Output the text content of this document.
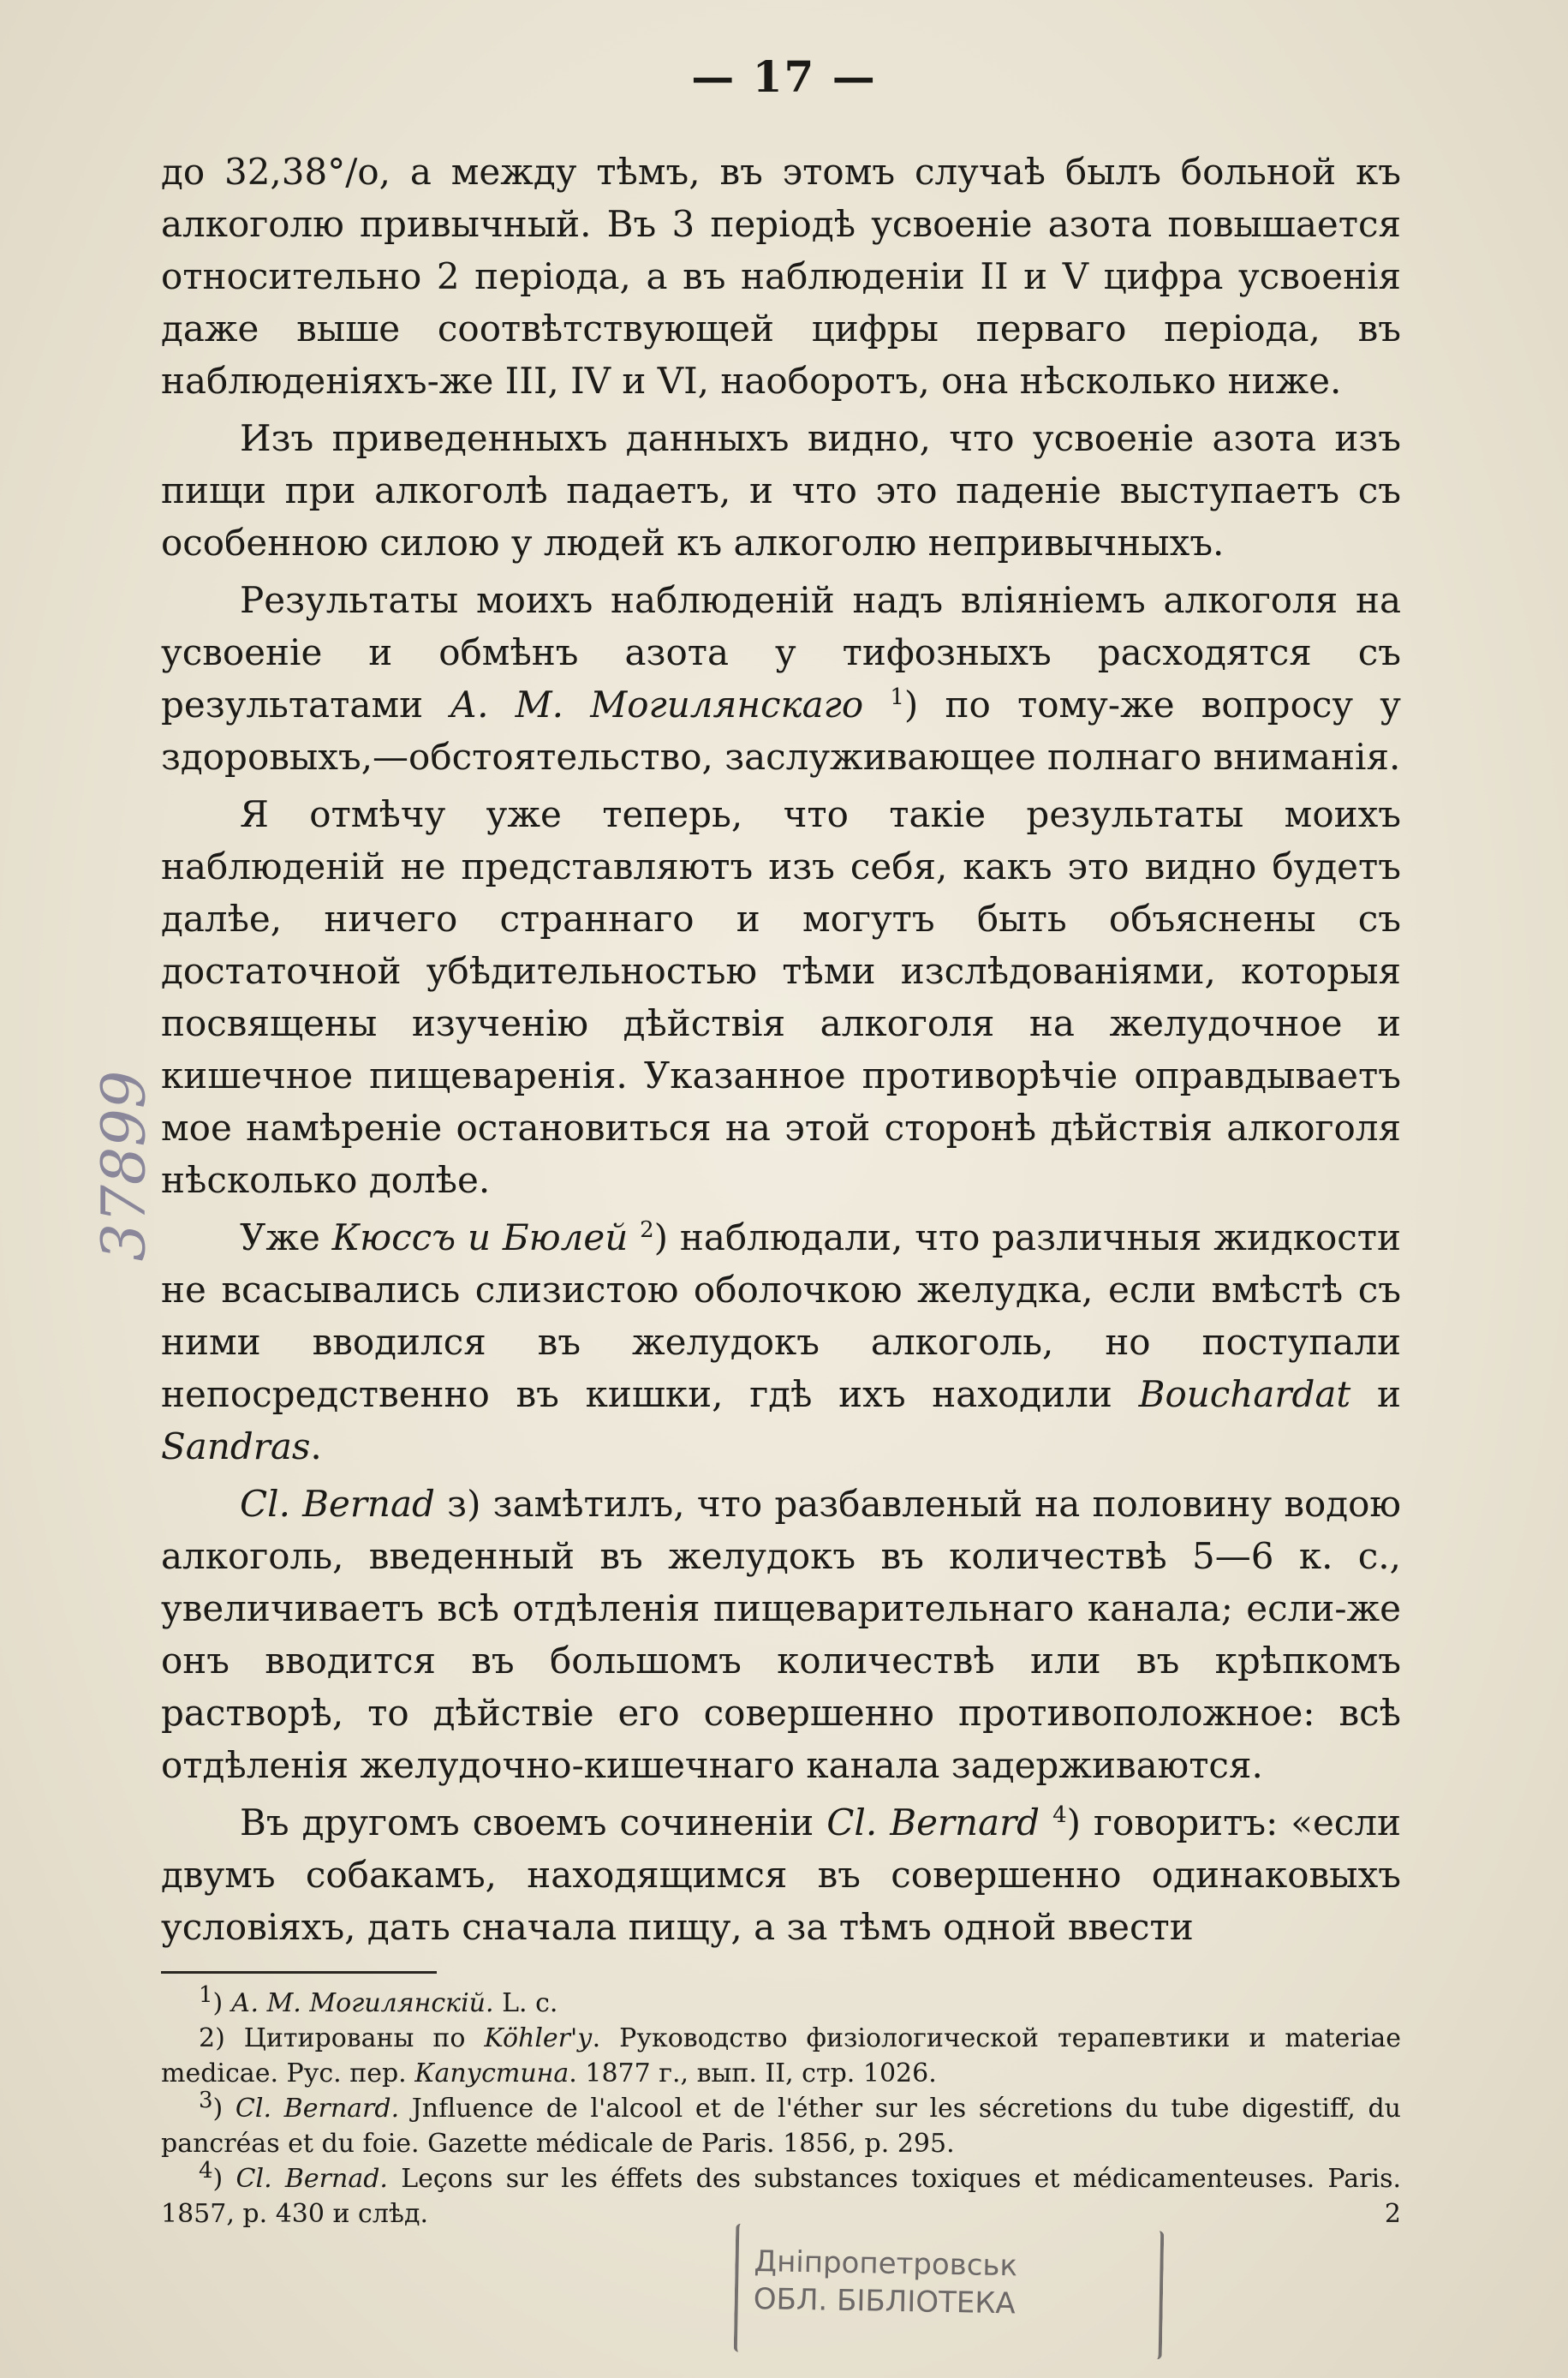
— 17 —
37899

до 32,38°/о, а между тѣмъ, въ этомъ случаѣ былъ больной къ алкоголю привычный. Въ 3 періодѣ усвоеніе азота повышается относительно 2 періода, а въ наблюденіи II и V цифра усвоенія даже выше соотвѣтствующей цифры перваго періода, въ наблюденіяхъ-же III, IV и VI, наоборотъ, она нѣсколько ниже.

Изъ приведенныхъ данныхъ видно, что усвоеніе азота изъ пищи при алкоголѣ падаетъ, и что это паденіе выступаетъ съ особенною силою у людей къ алкоголю непривычныхъ.

Результаты моихъ наблюденій надъ вліяніемъ алкоголя на усвоеніе и обмѣнъ азота у тифозныхъ расходятся съ результатами А. М. Могилянскаго $^1$) по тому-же вопросу у здоровыхъ,—обстоятельство, заслуживающее полнаго вниманія.

Я отмѣчу уже теперь, что такіе результаты моихъ наблюденій не представляютъ изъ себя, какъ это видно будетъ далѣе, ничего страннаго и могутъ быть объяснены съ достаточной убѣдительностью тѣми изслѣдованіями, которыя посвящены изученію дѣйствія алкоголя на желудочное и кишечное пищеваренія. Указанное противорѣчіе оправдываетъ мое намѣреніе остановиться на этой сторонѣ дѣйствія алкоголя нѣсколько долѣе.

Уже Кюссъ и Бюлей $^2$) наблюдали, что различныя жидкости не всасывались слизистою оболочкою желудка, если вмѣстѣ съ ними вводился въ желудокъ алкоголь, но поступали непосредственно въ кишки, гдѣ ихъ находили Bouchardat и Sandras.

Cl. Bernad з) замѣтилъ, что разбавленый на половину водою алкоголь, введенный въ желудокъ въ количествѣ 5—6 к. с., увеличиваетъ всѣ отдѣленія пищеварительнаго канала; если-же онъ вводится въ большомъ количествѣ или въ крѣпкомъ растворѣ, то дѣйствіе его совершенно противоположное: всѣ отдѣленія желудочно-кишечнаго канала задерживаются.

Въ другомъ своемъ сочиненіи Cl. Bernard $^4$) говоритъ: «если двумъ собакамъ, находящимся въ совершенно одинаковыхъ условіяхъ, дать сначала пищу, а за тѣмъ одной ввести

1) А. М. Могилянскій. L. c.

2) Цитированы по Köhler'у. Руководство физіологической терапевтики и materiae medicae. Рус. пер. Капустина. 1877 г., вып. II, стр. 1026.

3) Cl. Bernard. Jnfluence de l'alcool et de l'éther sur les sécretions du tube digestiff, du pancréas et du foie. Gazette médicale de Paris. 1856, p. 295.

4) Cl. Bernad. Leçons sur les éffets des substances toxiques et médicamenteuses. Paris. 1857, p. 430 и слѣд.	2

Дніпропетровськ
ОБЛ. БІБЛІОТЕКА
